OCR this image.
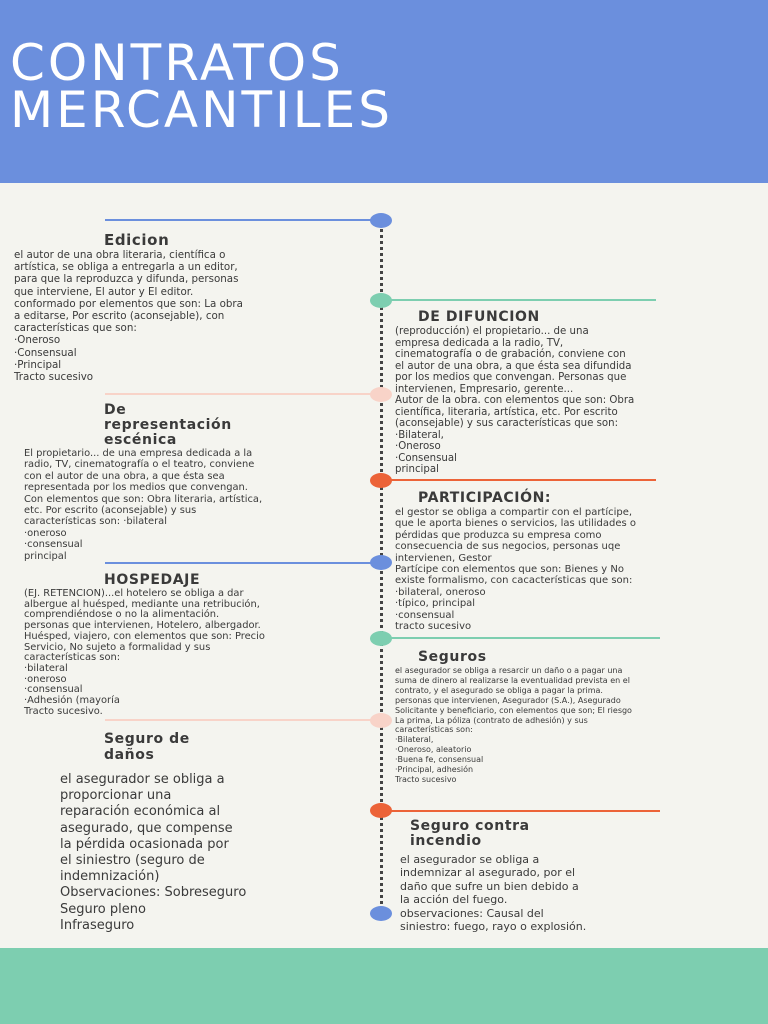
CONTRATOS
MERCANTILES
Edicion
el autor de una obra literaria, científica o
artística, se obliga a entregarla a un editor,
para que la reproduzca y difunda, personas
que interviene, El autor y El editor.
conformado por elementos que son: La obra
a editarse, Por escrito (aconsejable), con
características que son:
·Oneroso
·Consensual
·Principal
Tracto sucesivo
DE DIFUNCION
(reproducción) el propietario... de una
empresa dedicada a la radio, TV,
cinematografía o de grabación, conviene con
el autor de una obra, a que ésta sea difundida
por los medios que convengan. Personas que
intervienen, Empresario, gerente...
Autor de la obra. con elementos que son: Obra
científica, literaria, artística, etc. Por escrito
(aconsejable) y sus características que son:
·Bilateral,
·Oneroso
·Consensual
principal
De
representación
escénica
El propietario... de una empresa dedicada a la
radio, TV, cinematografía o el teatro, conviene
con el autor de una obra, a que ésta sea
representada por los medios que convengan.
Con elementos que son: Obra literaria, artística,
etc. Por escrito (aconsejable) y sus
características son: ·bilateral
·oneroso
·consensual
principal
PARTICIPACIÓN:
el gestor se obliga a compartir con el partícipe,
que le aporta bienes o servicios, las utilidades o
pérdidas que produzca su empresa como
consecuencia de sus negocios, personas uqe
intervienen, Gestor
Partícipe con elementos que son: Bienes y No
existe formalismo, con cacacterísticas que son:
·bilateral, oneroso
·típico, principal
·consensual
tracto sucesivo
HOSPEDAJE
(EJ. RETENCION)...el hotelero se obliga a dar
albergue al huésped, mediante una retribución,
comprendiéndose o no la alimentación.
personas que intervienen, Hotelero, albergador.
Huésped, viajero, con elementos que son: Precio
Servicio, No sujeto a formalidad y sus
características son:
·bilateral
·oneroso
·consensual
·Adhesión (mayoría
Tracto sucesivo.
Seguros
el asegurador se obliga a resarcir un daño o a pagar una
suma de dinero al realizarse la eventualidad prevista en el
contrato, y el asegurado se obliga a pagar la prima.
personas que intervienen, Asegurador (S.A.), Asegurado
Solicitante y beneficiario, con elementos que son; El riesgo
La prima, La póliza (contrato de adhesión) y sus
características son:
·Bilateral,
·Oneroso, aleatorio
·Buena fe, consensual
·Principal, adhesión
Tracto sucesivo
Seguro de
daños
el asegurador se obliga a
proporcionar una
reparación económica al
asegurado, que compense
la pérdida ocasionada por
el siniestro (seguro de
indemnización)
Observaciones: Sobreseguro
Seguro pleno
Infraseguro
Seguro contra
incendio
el asegurador se obliga a
indemnizar al asegurado, por el
daño que sufre un bien debido a
la acción del fuego.
observaciones: Causal del
siniestro: fuego, rayo o explosión.
